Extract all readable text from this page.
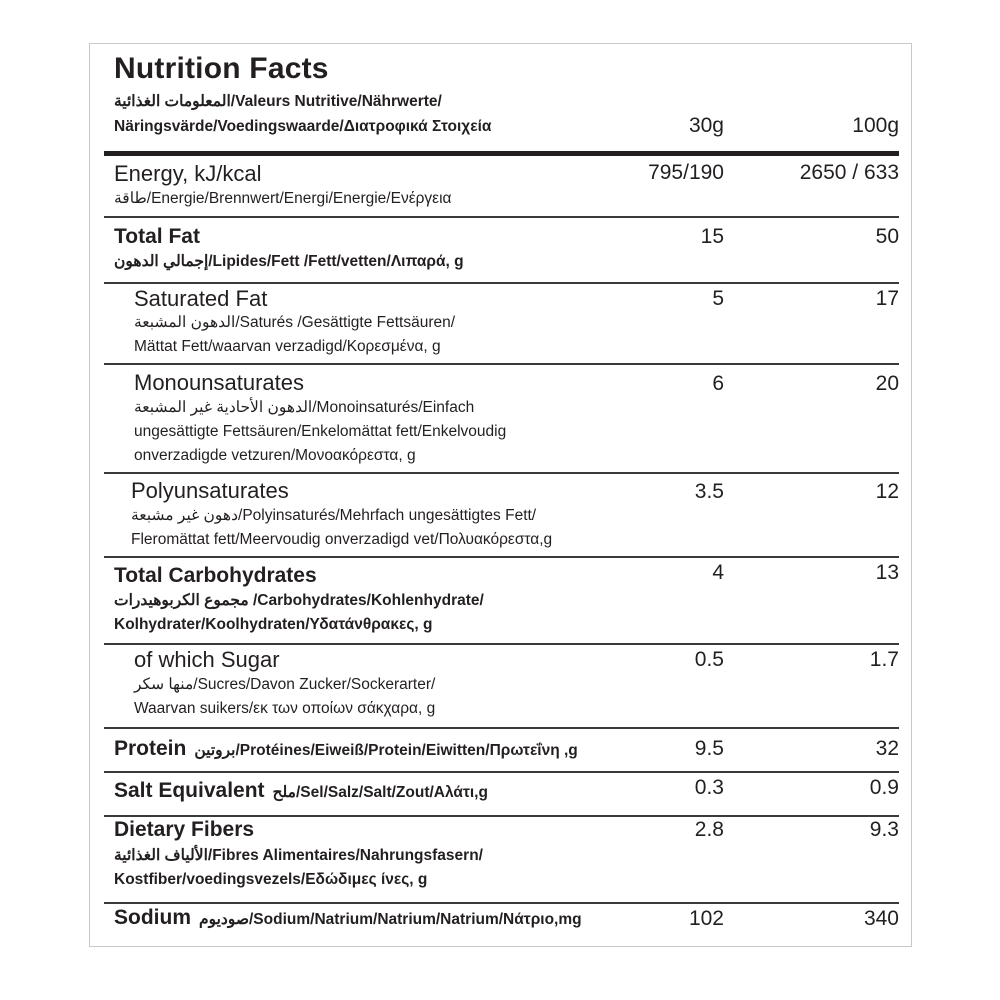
Nutrition Facts
المعلومات الغذائية/Valeurs Nutritive/Nährwerte/
Näringsvärde/Voedingswaarde/Διατροφικά Στοιχεία	30g	100g
Energy, kJ/kcal
طاقة/Energie/Brennwert/Energi/Energie/Ενέργεια
795/190	2650 / 633
Total Fat
إجمالي الدهون/Lipides/Fett /Fett/vetten/Λιπαρά, g
15	50
Saturated Fat
الدهون المشبعة/Saturés /Gesättigte Fettsäuren/
Mättat Fett/waarvan verzadigd/Κορεσμένα, g
5	17
Monounsaturates
الدهون الأحادية غير المشبعة/Monoinsaturés/Einfach
ungesättigte Fettsäuren/Enkelomättat fett/Enkelvoudig
onverzadigde vetzuren/Μονοακόρεστα, g
6	20
Polyunsaturates
دهون غير مشبعة/Polyinsaturés/Mehrfach ungesättigtes Fett/
Fleromättat fett/Meervoudig onverzadigd vet/Πολυακόρεστα,g
3.5	12
Total Carbohydrates
مجموع الكربوهيدرات /Carbohydrates/Kohlenhydrate/
Kolhydrater/Koolhydraten/Υδατάνθρακες, g
4	13
of which Sugar
منها سكر/Sucres/Davon Zucker/Sockerarter/
Waarvan suikers/εκ των οποίων σάκχαρα, g
0.5	1.7
Protein بروتين/Protéines/Eiweiß/Protein/Eiwitten/Πρωτεΐνη ,g	9.5	32
Salt Equivalent ملح/Sel/Salz/Salt/Zout/Αλάτι,g	0.3	0.9
Dietary Fibers
الألياف الغذائية/Fibres Alimentaires/Nahrungsfasern/
Kostfiber/voedingsvezels/Εδώδιμες ίνες, g
2.8	9.3
Sodium صوديوم/Sodium/Natrium/Natrium/Natrium/Νάτριο,mg	102	340
